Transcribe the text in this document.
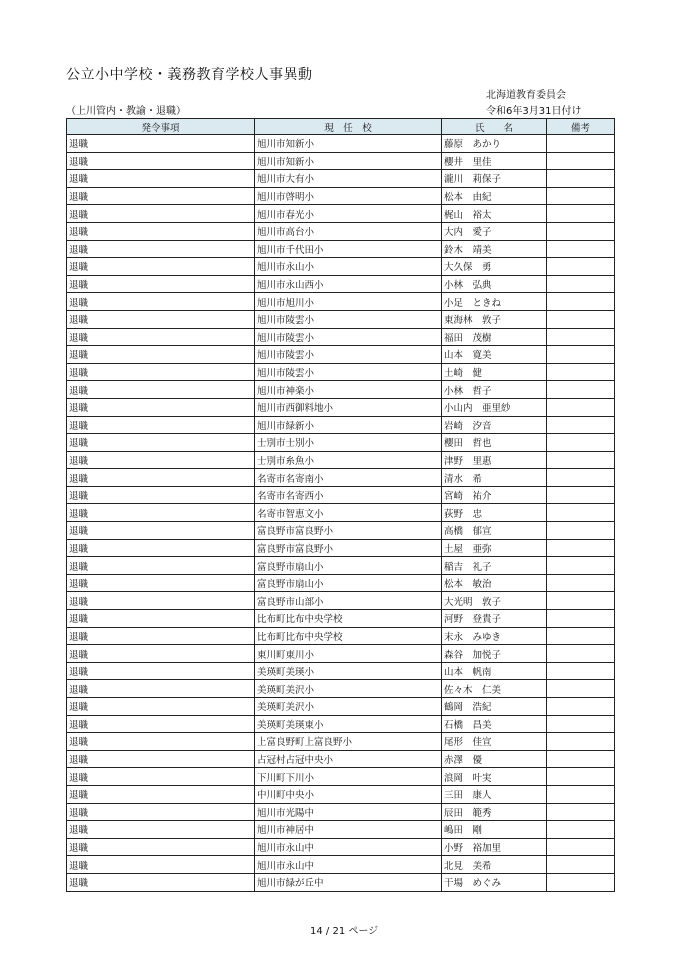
公立小中学校・義務教育学校人事異動
北海道教育委員会
（上川管内・教諭・退職）	令和6年3月31日付け
発令事項	現　任　校	氏　　名	備考
退職	旭川市知新小	藤原　あかり	
退職	旭川市知新小	櫻井　里佳	
退職	旭川市大有小	瀧川　莉保子	
退職	旭川市啓明小	松本　由紀	
退職	旭川市春光小	梶山　裕太	
退職	旭川市高台小	大内　愛子	
退職	旭川市千代田小	鈴木　靖美	
退職	旭川市永山小	大久保　勇	
退職	旭川市永山西小	小林　弘典	
退職	旭川市旭川小	小足　ときね	
退職	旭川市陵雲小	東海林　敦子	
退職	旭川市陵雲小	福田　茂樹	
退職	旭川市陵雲小	山本　寛美	
退職	旭川市陵雲小	土崎　健	
退職	旭川市神楽小	小林　哲子	
退職	旭川市西御料地小	小山内　亜里紗	
退職	旭川市緑新小	岩崎　汐音	
退職	士別市士別小	櫻田　哲也	
退職	士別市糸魚小	津野　里惠	
退職	名寄市名寄南小	清水　希	
退職	名寄市名寄西小	宮崎　祐介	
退職	名寄市智恵文小	荻野　忠	
退職	富良野市富良野小	高橋　郁宣	
退職	富良野市富良野小	土屋　亜弥	
退職	富良野市扇山小	稲吉　礼子	
退職	富良野市扇山小	松本　敏治	
退職	富良野市山部小	大光明　敦子	
退職	比布町比布中央学校	河野　登貴子	
退職	比布町比布中央学校	末永　みゆき	
退職	東川町東川小	森谷　加悦子	
退職	美瑛町美瑛小	山本　帆南	
退職	美瑛町美沢小	佐々木　仁美	
退職	美瑛町美沢小	鶴岡　浩紀	
退職	美瑛町美瑛東小	石橋　昌美	
退職	上富良野町上富良野小	尾形　佳宣	
退職	占冠村占冠中央小	赤澤　優	
退職	下川町下川小	浪岡　叶実	
退職	中川町中央小	三田　康人	
退職	旭川市光陽中	辰田　範秀	
退職	旭川市神居中	嶋田　剛	
退職	旭川市永山中	小野　裕加里	
退職	旭川市永山中	北見　美希	
退職	旭川市緑が丘中	干場　めぐみ	
14 / 21 ページ
